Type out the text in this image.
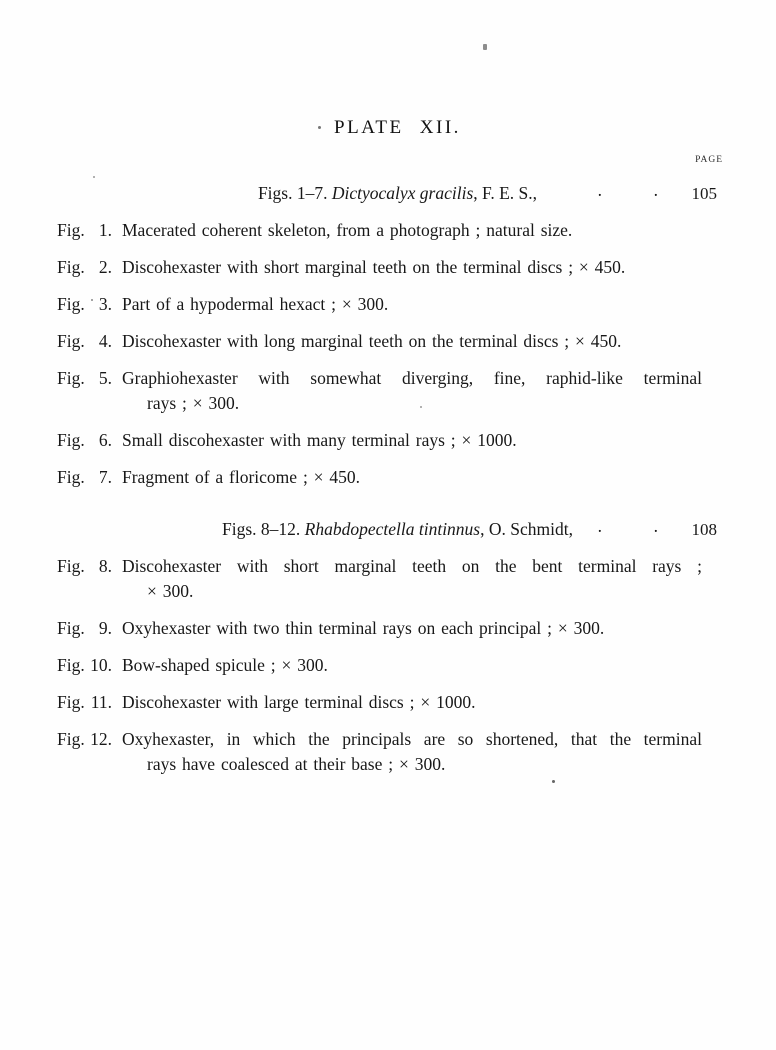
PLATE XII.
PAGE
Figs. 1–7. Dictyocalyx gracilis, F. E. S.,	.	. 105
Fig. 1. Macerated coherent skeleton, from a photograph ; natural size.
Fig. 2. Discohexaster with short marginal teeth on the terminal discs ; × 450.
Fig. 3. Part of a hypodermal hexact ; × 300.
Fig. 4. Discohexaster with long marginal teeth on the terminal discs ; × 450.
Fig. 5. Graphiohexaster with somewhat diverging, fine, raphid-like terminal
rays ; × 300.
Fig. 6. Small discohexaster with many terminal rays ; × 1000.
Fig. 7. Fragment of a floricome ; × 450.
Figs. 8–12. Rhabdopectella tintinnus, O. Schmidt, .	. 108
Fig. 8. Discohexaster with short marginal teeth on the bent terminal rays ;
× 300.
Fig. 9. Oxyhexaster with two thin terminal rays on each principal ; × 300.
Fig. 10. Bow-shaped spicule ; × 300.
Fig. 11. Discohexaster with large terminal discs ; × 1000.
Fig. 12. Oxyhexaster, in which the principals are so shortened, that the terminal
rays have coalesced at their base ; × 300.
